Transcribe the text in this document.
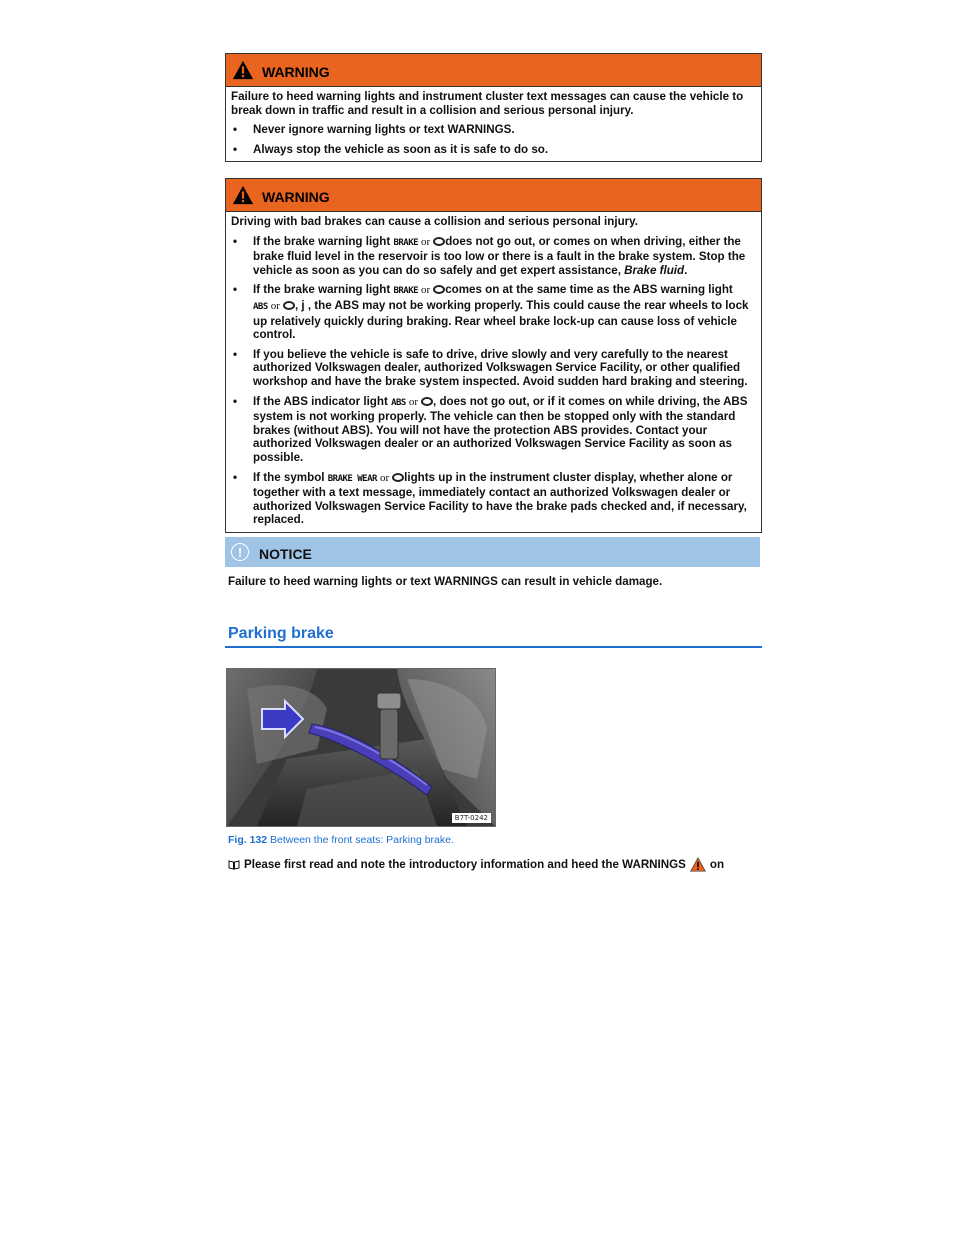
WARNING

Failure to heed warning lights and instrument cluster text messages can cause the vehicle to break down in traffic and result in a collision and serious personal injury.

•	Never ignore warning lights or text WARNINGS.
•	Always stop the vehicle as soon as it is safe to do so.
WARNING

Driving with bad brakes can cause a collision and serious personal injury.

•	If the brake warning light BRAKE or does not go out, or comes on when driving, either the brake fluid level in the reservoir is too low or there is a fault in the brake system. Stop the vehicle as soon as you can do so safely and get expert assistance, Brake fluid.
•	If the brake warning light BRAKE or comes on at the same time as the ABS warning light ABS or , j , the ABS may not be working properly. This could cause the rear wheels to lock up relatively quickly during braking. Rear wheel brake lock-up can cause loss of vehicle control.
•	If you believe the vehicle is safe to drive, drive slowly and very carefully to the nearest authorized Volkswagen dealer, authorized Volkswagen Service Facility, or other qualified workshop and have the brake system inspected. Avoid sudden hard braking and steering.
•	If the ABS indicator light ABS or , does not go out, or if it comes on while driving, the ABS system is not working properly. The vehicle can then be stopped only with the standard brakes (without ABS). You will not have the protection ABS provides. Contact your authorized Volkswagen dealer or an authorized Volkswagen Service Facility as soon as possible.
•	If the symbol BRAKE WEAR or lights up in the instrument cluster display, whether alone or together with a text message, immediately contact an authorized Volkswagen dealer or authorized Volkswagen Service Facility to have the brake pads checked and, if necessary, replaced.
!	NOTICE
Failure to heed warning lights or text WARNINGS can result in vehicle damage.
Parking brake
B7T-0242
Fig. 132 Between the front seats: Parking brake.
Please first read and note the introductory information and heed the WARNINGS on
